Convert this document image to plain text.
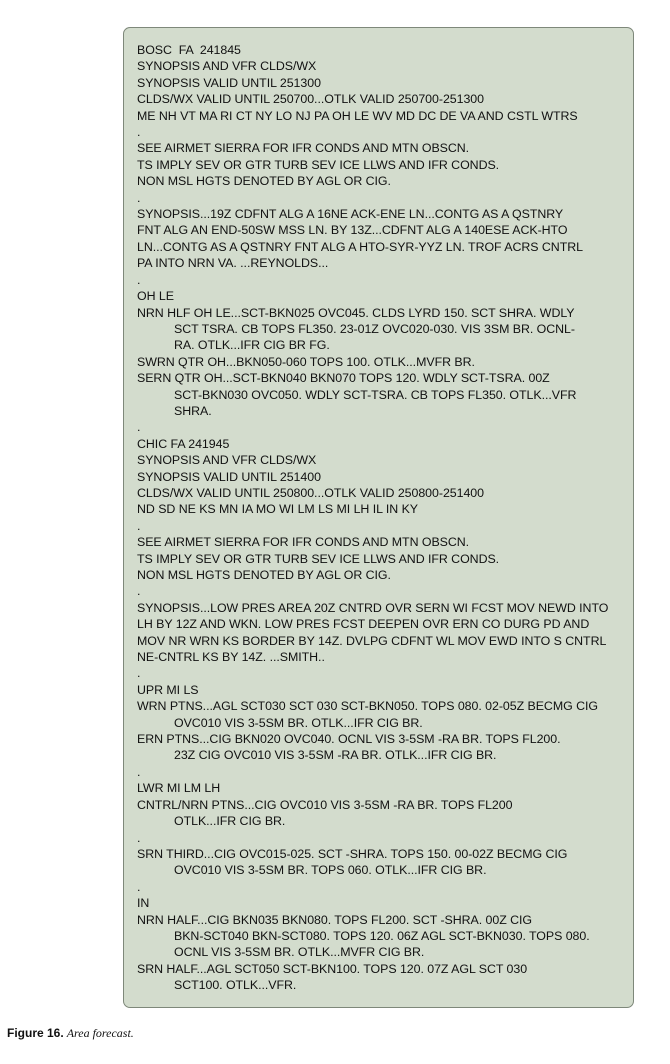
BOSC  FA  241845
SYNOPSIS AND VFR CLDS/WX
SYNOPSIS VALID UNTIL 251300
CLDS/WX VALID UNTIL 250700...OTLK VALID 250700-251300
ME NH VT MA RI CT NY LO NJ PA OH LE WV MD DC DE VA AND CSTL WTRS
.
SEE AIRMET SIERRA FOR IFR CONDS AND MTN OBSCN.
TS IMPLY SEV OR GTR TURB SEV ICE LLWS AND IFR CONDS.
NON MSL HGTS DENOTED BY AGL OR CIG.
.
SYNOPSIS...19Z CDFNT ALG A 16NE ACK-ENE LN...CONTG AS A QSTNRY
FNT ALG AN END-50SW MSS LN. BY 13Z...CDFNT ALG A 140ESE ACK-HTO
LN...CONTG AS A QSTNRY FNT ALG A HTO-SYR-YYZ LN. TROF ACRS CNTRL
PA INTO NRN VA. ...REYNOLDS...
.
OH LE
NRN HLF OH LE...SCT-BKN025 OVC045. CLDS LYRD 150. SCT SHRA. WDLY
SCT TSRA. CB TOPS FL350. 23-01Z OVC020-030. VIS 3SM BR. OCNL-
RA. OTLK...IFR CIG BR FG.
SWRN QTR OH...BKN050-060 TOPS 100. OTLK...MVFR BR.
SERN QTR OH...SCT-BKN040 BKN070 TOPS 120. WDLY SCT-TSRA. 00Z
SCT-BKN030 OVC050. WDLY SCT-TSRA. CB TOPS FL350. OTLK...VFR
SHRA.
.
CHIC FA 241945
SYNOPSIS AND VFR CLDS/WX
SYNOPSIS VALID UNTIL 251400
CLDS/WX VALID UNTIL 250800...OTLK VALID 250800-251400
ND SD NE KS MN IA MO WI LM LS MI LH IL IN KY
.
SEE AIRMET SIERRA FOR IFR CONDS AND MTN OBSCN.
TS IMPLY SEV OR GTR TURB SEV ICE LLWS AND IFR CONDS.
NON MSL HGTS DENOTED BY AGL OR CIG.
.
SYNOPSIS...LOW PRES AREA 20Z CNTRD OVR SERN WI FCST MOV NEWD INTO
LH BY 12Z AND WKN. LOW PRES FCST DEEPEN OVR ERN CO DURG PD AND
MOV NR WRN KS BORDER BY 14Z. DVLPG CDFNT WL MOV EWD INTO S CNTRL
NE-CNTRL KS BY 14Z. ...SMITH..
.
UPR MI LS
WRN PTNS...AGL SCT030 SCT 030 SCT-BKN050. TOPS 080. 02-05Z BECMG CIG
OVC010 VIS 3-5SM BR. OTLK...IFR CIG BR.
ERN PTNS...CIG BKN020 OVC040. OCNL VIS 3-5SM -RA BR. TOPS FL200.
23Z CIG OVC010 VIS 3-5SM -RA BR. OTLK...IFR CIG BR.
.
LWR MI LM LH
CNTRL/NRN PTNS...CIG OVC010 VIS 3-5SM -RA BR. TOPS FL200
OTLK...IFR CIG BR.
.
SRN THIRD...CIG OVC015-025. SCT -SHRA. TOPS 150. 00-02Z BECMG CIG
OVC010 VIS 3-5SM BR. TOPS 060. OTLK...IFR CIG BR.
.
IN
NRN HALF...CIG BKN035 BKN080. TOPS FL200. SCT -SHRA. 00Z CIG
BKN-SCT040 BKN-SCT080. TOPS 120. 06Z AGL SCT-BKN030. TOPS 080.
OCNL VIS 3-5SM BR. OTLK...MVFR CIG BR.
SRN HALF...AGL SCT050 SCT-BKN100. TOPS 120. 07Z AGL SCT 030
SCT100. OTLK...VFR.
Figure 16. Area forecast.
